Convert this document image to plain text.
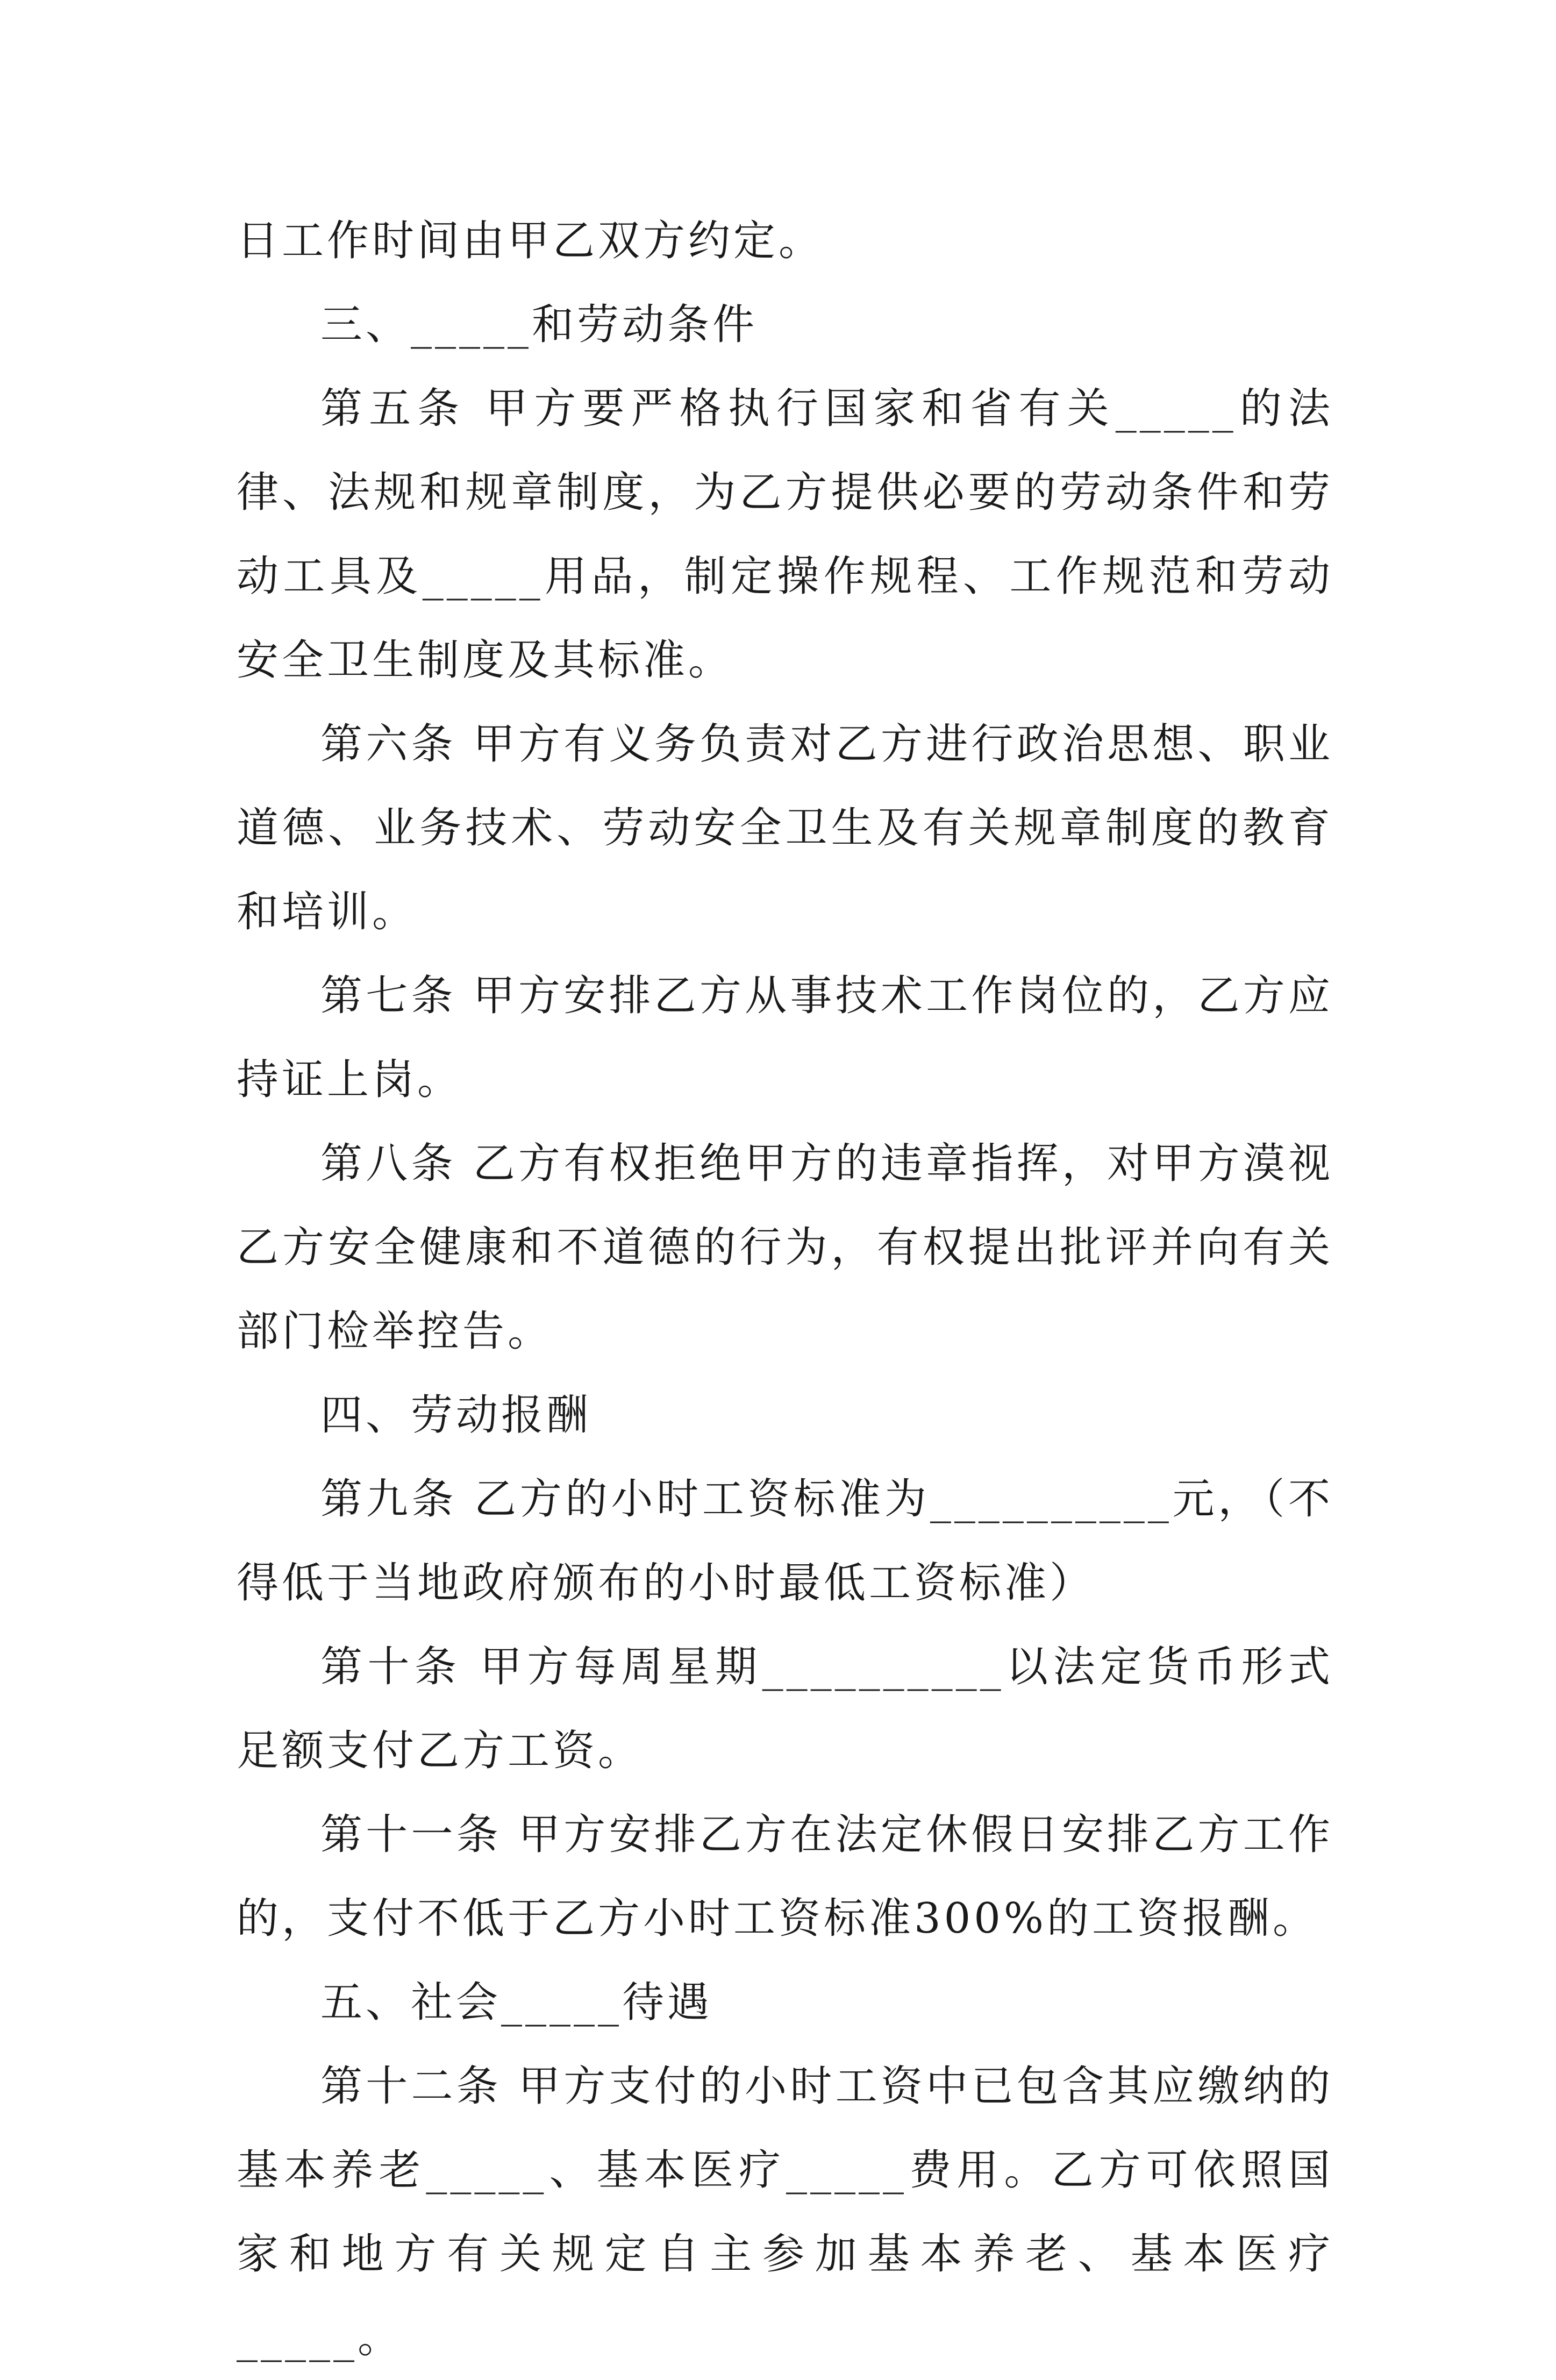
日工作时间由甲乙双方约定。

三、_____和劳动条件

第五条 甲方要严格执行国家和省有关_____的法律、法规和规章制度，为乙方提供必要的劳动条件和劳动工具及_____用品，制定操作规程、工作规范和劳动安全卫生制度及其标准。

第六条 甲方有义务负责对乙方进行政治思想、职业道德、业务技术、劳动安全卫生及有关规章制度的教育和培训。

第七条 甲方安排乙方从事技术工作岗位的，乙方应持证上岗。

第八条 乙方有权拒绝甲方的违章指挥，对甲方漠视乙方安全健康和不道德的行为，有权提出批评并向有关部门检举控告。

四、劳动报酬

第九条 乙方的小时工资标准为__________元，（不得低于当地政府颁布的小时最低工资标准）

第十条 甲方每周星期__________以法定货币形式足额支付乙方工资。

第十一条 甲方安排乙方在法定休假日安排乙方工作的，支付不低于乙方小时工资标准300%的工资报酬。

五、社会_____待遇

第十二条 甲方支付的小时工资中已包含其应缴纳的基本养老_____、基本医疗_____费用。乙方可依照国家和地方有关规定自主参加基本养老、基本医疗_____。
